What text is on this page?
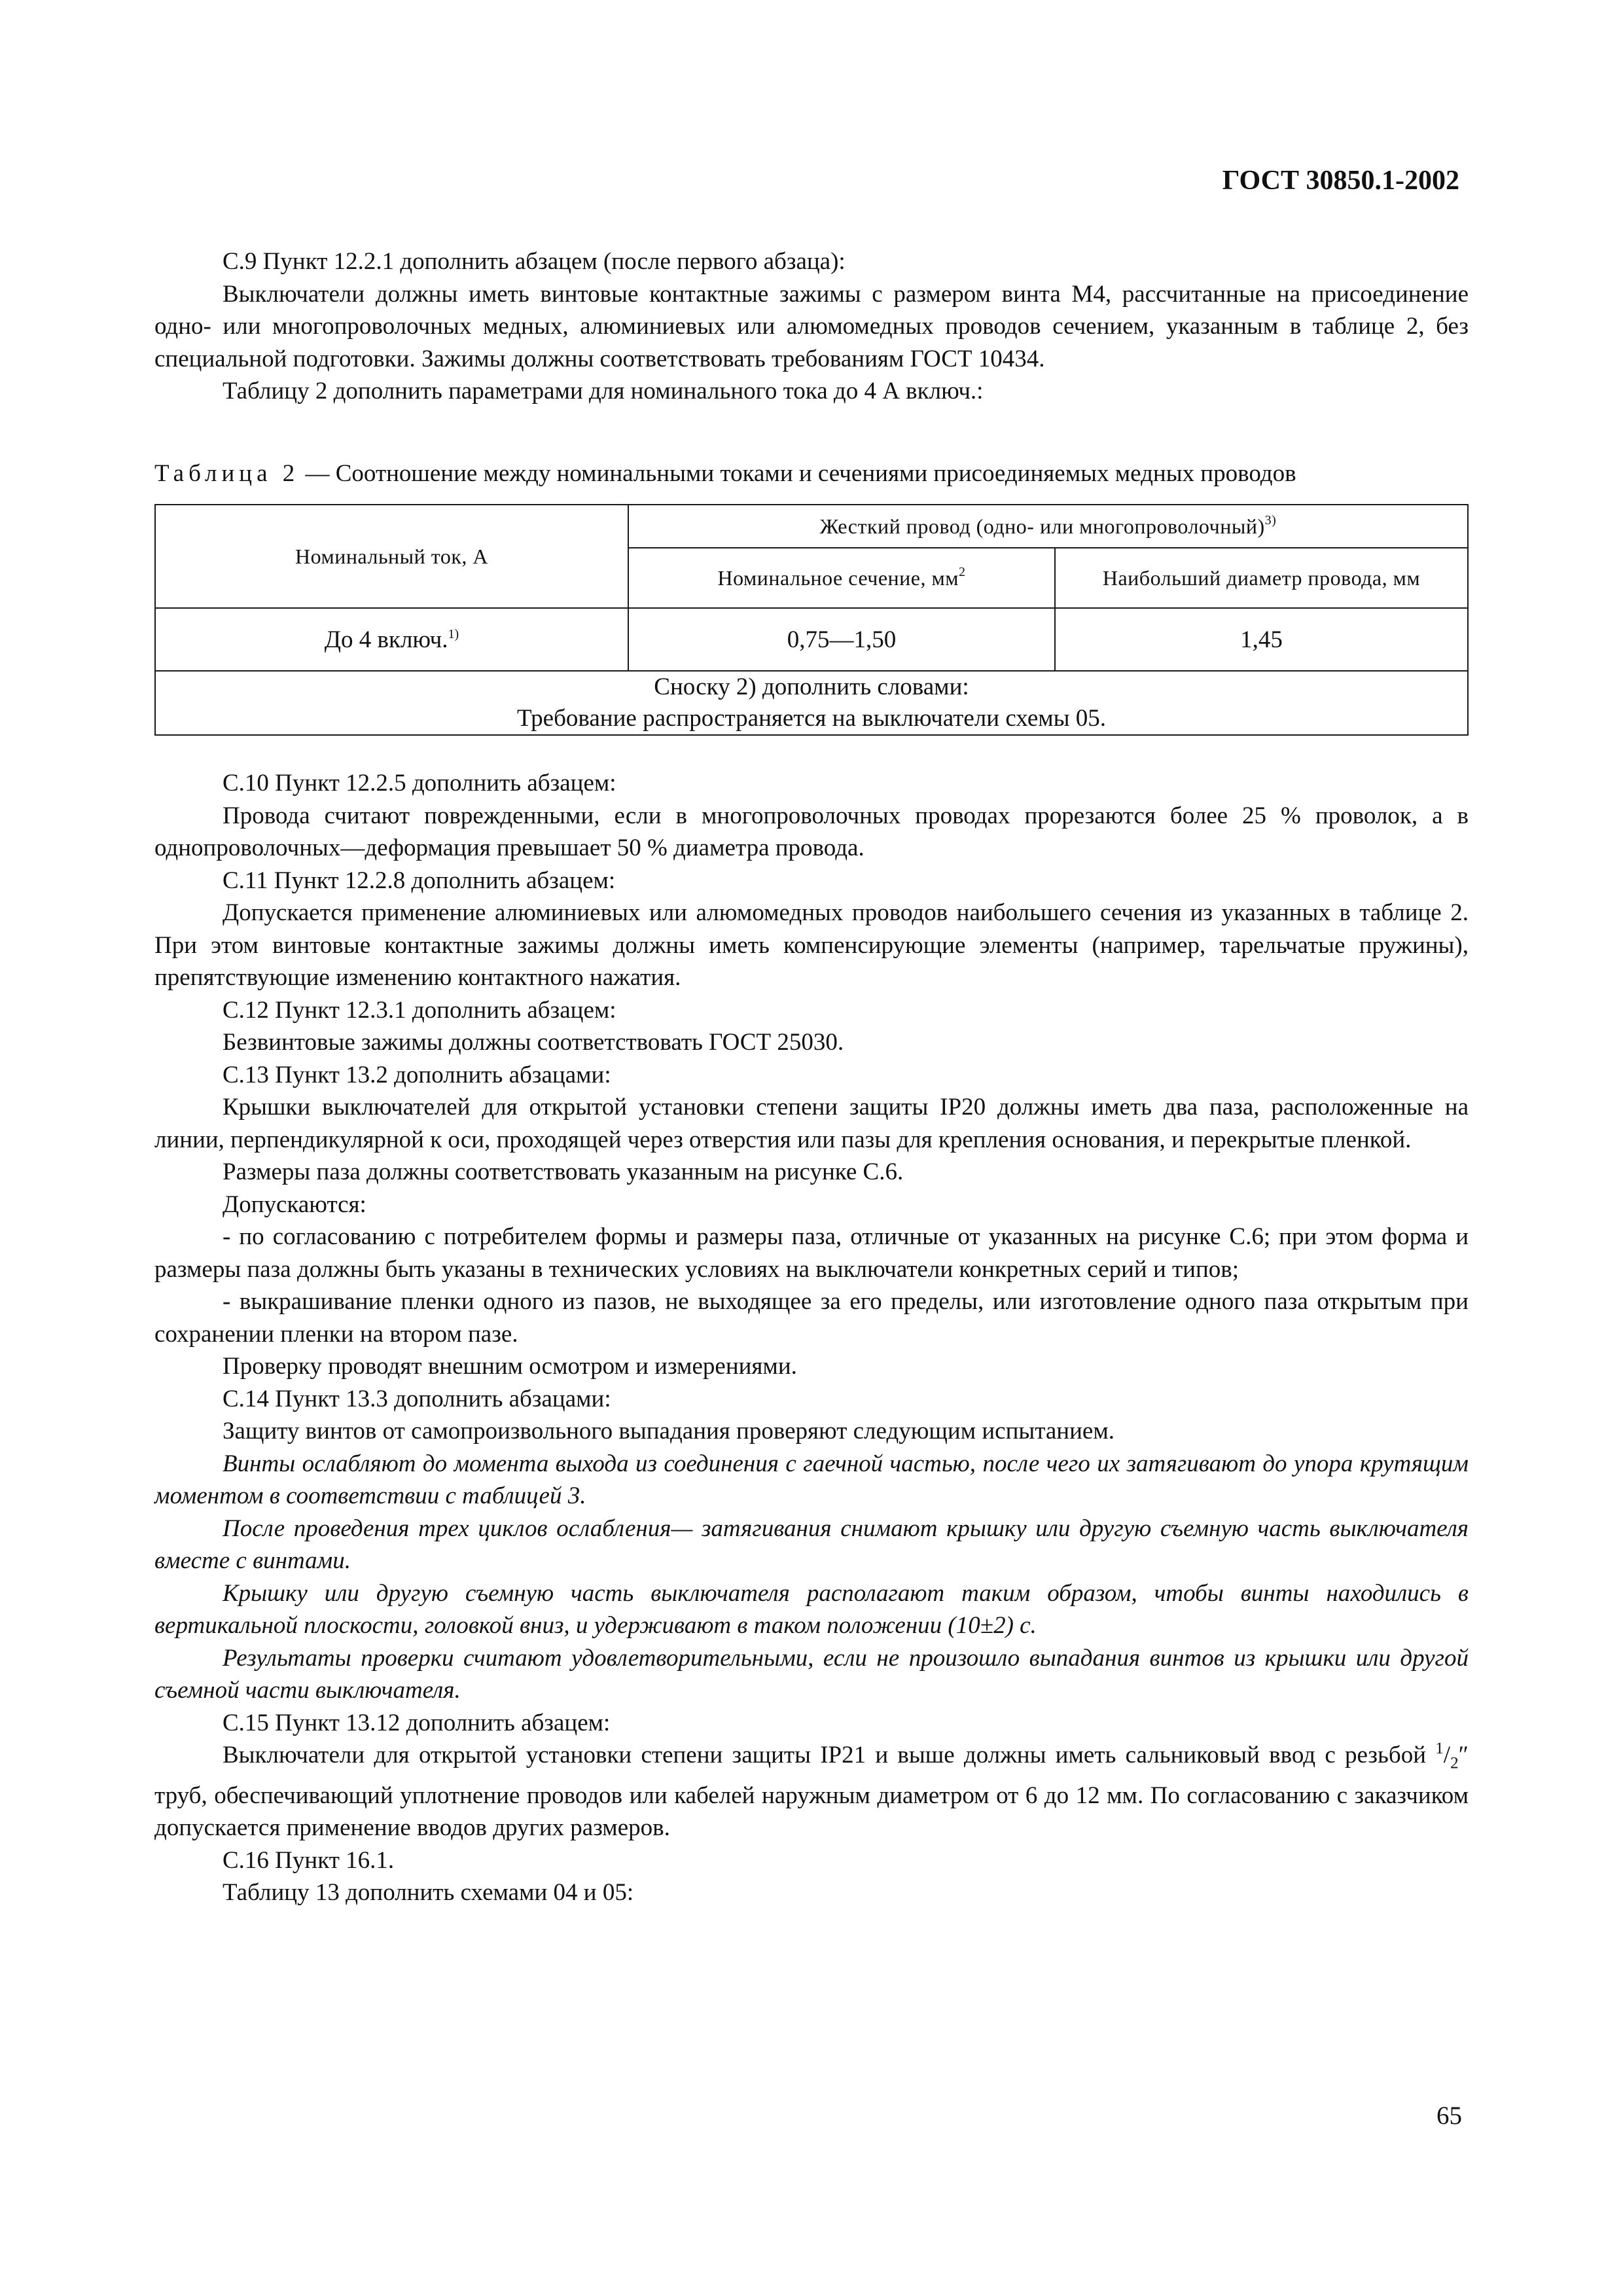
ГОСТ 30850.1-2002

С.9 Пункт 12.2.1 дополнить абзацем (после первого абзаца):

Выключатели должны иметь винтовые контактные зажимы с размером винта М4, рассчитанные на присоединение одно- или многопроволочных медных, алюминиевых или алюмомедных проводов сечением, указанным в таблице 2, без специальной подготовки. Зажимы должны соответствовать требованиям ГОСТ 10434.

Таблицу 2 дополнить параметрами для номинального тока до 4 А включ.:

Таблица 2 — Соотношение между номинальными токами и сечениями присоединяемых медных проводов
Номинальный ток, А	Жесткий провод (одно- или многопроволочный)$^{3)}$
	Номинальное сечение, $мм^2$	Наибольший диаметр провода, мм
До 4 включ.$^{1)}$	0,75—1,50	1,45

Сноску 2) дополнить словами:
Требование распространяется на выключатели схемы 05.		

С.10 Пункт 12.2.5 дополнить абзацем:

Провода считают поврежденными, если в многопроволочных проводах прорезаются более 25 % проволок, а в однопроволочных—деформация превышает 50 % диаметра провода.

С.11 Пункт 12.2.8 дополнить абзацем:

Допускается применение алюминиевых или алюмомедных проводов наибольшего сечения из указанных в таблице 2. При этом винтовые контактные зажимы должны иметь компенсирующие элементы (например, тарельчатые пружины), препятствующие изменению контактного нажатия.

С.12 Пункт 12.3.1 дополнить абзацем:

Безвинтовые зажимы должны соответствовать ГОСТ 25030.

С.13 Пункт 13.2 дополнить абзацами:

Крышки выключателей для открытой установки степени защиты IP20 должны иметь два паза, расположенные на линии, перпендикулярной к оси, проходящей через отверстия или пазы для крепления основания, и перекрытые пленкой.

Размеры паза должны соответствовать указанным на рисунке С.6.

Допускаются:

- по согласованию с потребителем формы и размеры паза, отличные от указанных на рисунке С.6; при этом форма и размеры паза должны быть указаны в технических условиях на выключатели конкретных серий и типов;

- выкрашивание пленки одного из пазов, не выходящее за его пределы, или изготовление одного паза открытым при сохранении пленки на втором пазе.

Проверку проводят внешним осмотром и измерениями.

С.14 Пункт 13.3 дополнить абзацами:

Защиту винтов от самопроизвольного выпадания проверяют следующим испытанием.

Винты ослабляют до момента выхода из соединения с гаечной частью, после чего их затягивают до упора крутящим моментом в соответствии с таблицей 3.

После проведения трех циклов ослабления— затягивания снимают крышку или другую съемную часть выключателя вместе с винтами.

Крышку или другую съемную часть выключателя располагают таким образом, чтобы винты находились в вертикальной плоскости, головкой вниз, и удерживают в таком положении (10±2) с.

Результаты проверки считают удовлетворительными, если не произошло выпадания винтов из крышки или другой съемной части выключателя.

С.15 Пункт 13.12 дополнить абзацем:

Выключатели для открытой установки степени защиты IP21 и выше должны иметь сальниковый ввод с резьбой $^1/_2''$ труб, обеспечивающий уплотнение проводов или кабелей наружным диаметром от 6 до 12 мм. По согласованию с заказчиком допускается применение вводов других размеров.

С.16 Пункт 16.1.

Таблицу 13 дополнить схемами 04 и 05:

65
